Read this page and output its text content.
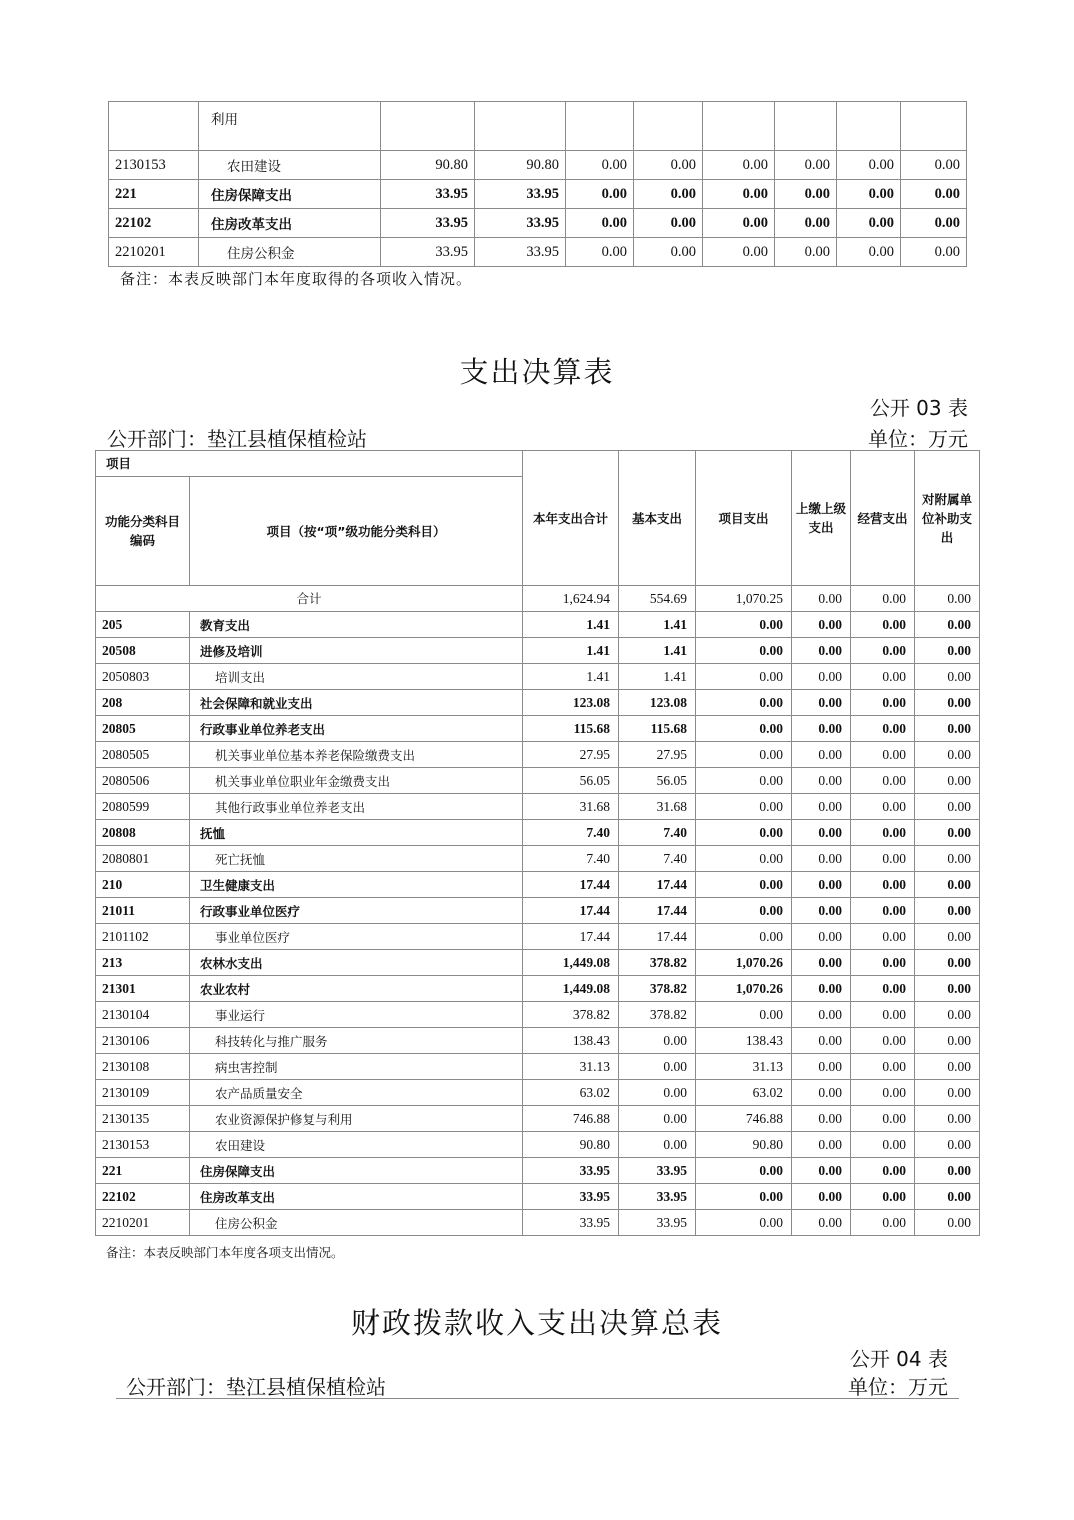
	利用								
2130153	农田建设	90.80	90.80	0.00	0.00	0.00	0.00	0.00	0.00
221	住房保障支出	33.95	33.95	0.00	0.00	0.00	0.00	0.00	0.00
22102	住房改革支出	33.95	33.95	0.00	0.00	0.00	0.00	0.00	0.00
2210201	住房公积金	33.95	33.95	0.00	0.00	0.00	0.00	0.00	0.00
备注：本表反映部门本年度取得的各项收入情况。
支出决算表
公开 03 表
公开部门：垫江县植保植检站	单位：万元
项目		本年支出合计	基本支出	项目支出	上缴上级支出	经营支出	对附属单位补助支出
功能分类科目编码	项目（按“项”级功能分类科目）						
合计		1,624.94	554.69	1,070.25	0.00	0.00	0.00
205	教育支出	1.41	1.41	0.00	0.00	0.00	0.00
20508	进修及培训	1.41	1.41	0.00	0.00	0.00	0.00
2050803	培训支出	1.41	1.41	0.00	0.00	0.00	0.00
208	社会保障和就业支出	123.08	123.08	0.00	0.00	0.00	0.00
20805	行政事业单位养老支出	115.68	115.68	0.00	0.00	0.00	0.00
2080505	机关事业单位基本养老保险缴费支出	27.95	27.95	0.00	0.00	0.00	0.00
2080506	机关事业单位职业年金缴费支出	56.05	56.05	0.00	0.00	0.00	0.00
2080599	其他行政事业单位养老支出	31.68	31.68	0.00	0.00	0.00	0.00
20808	抚恤	7.40	7.40	0.00	0.00	0.00	0.00
2080801	死亡抚恤	7.40	7.40	0.00	0.00	0.00	0.00
210	卫生健康支出	17.44	17.44	0.00	0.00	0.00	0.00
21011	行政事业单位医疗	17.44	17.44	0.00	0.00	0.00	0.00
2101102	事业单位医疗	17.44	17.44	0.00	0.00	0.00	0.00
213	农林水支出	1,449.08	378.82	1,070.26	0.00	0.00	0.00
21301	农业农村	1,449.08	378.82	1,070.26	0.00	0.00	0.00
2130104	事业运行	378.82	378.82	0.00	0.00	0.00	0.00
2130106	科技转化与推广服务	138.43	0.00	138.43	0.00	0.00	0.00
2130108	病虫害控制	31.13	0.00	31.13	0.00	0.00	0.00
2130109	农产品质量安全	63.02	0.00	63.02	0.00	0.00	0.00
2130135	农业资源保护修复与利用	746.88	0.00	746.88	0.00	0.00	0.00
2130153	农田建设	90.80	0.00	90.80	0.00	0.00	0.00
221	住房保障支出	33.95	33.95	0.00	0.00	0.00	0.00
22102	住房改革支出	33.95	33.95	0.00	0.00	0.00	0.00
2210201	住房公积金	33.95	33.95	0.00	0.00	0.00	0.00
备注：本表反映部门本年度各项支出情况。
财政拨款收入支出决算总表
公开 04 表
公开部门：垫江县植保植检站	单位：万元
